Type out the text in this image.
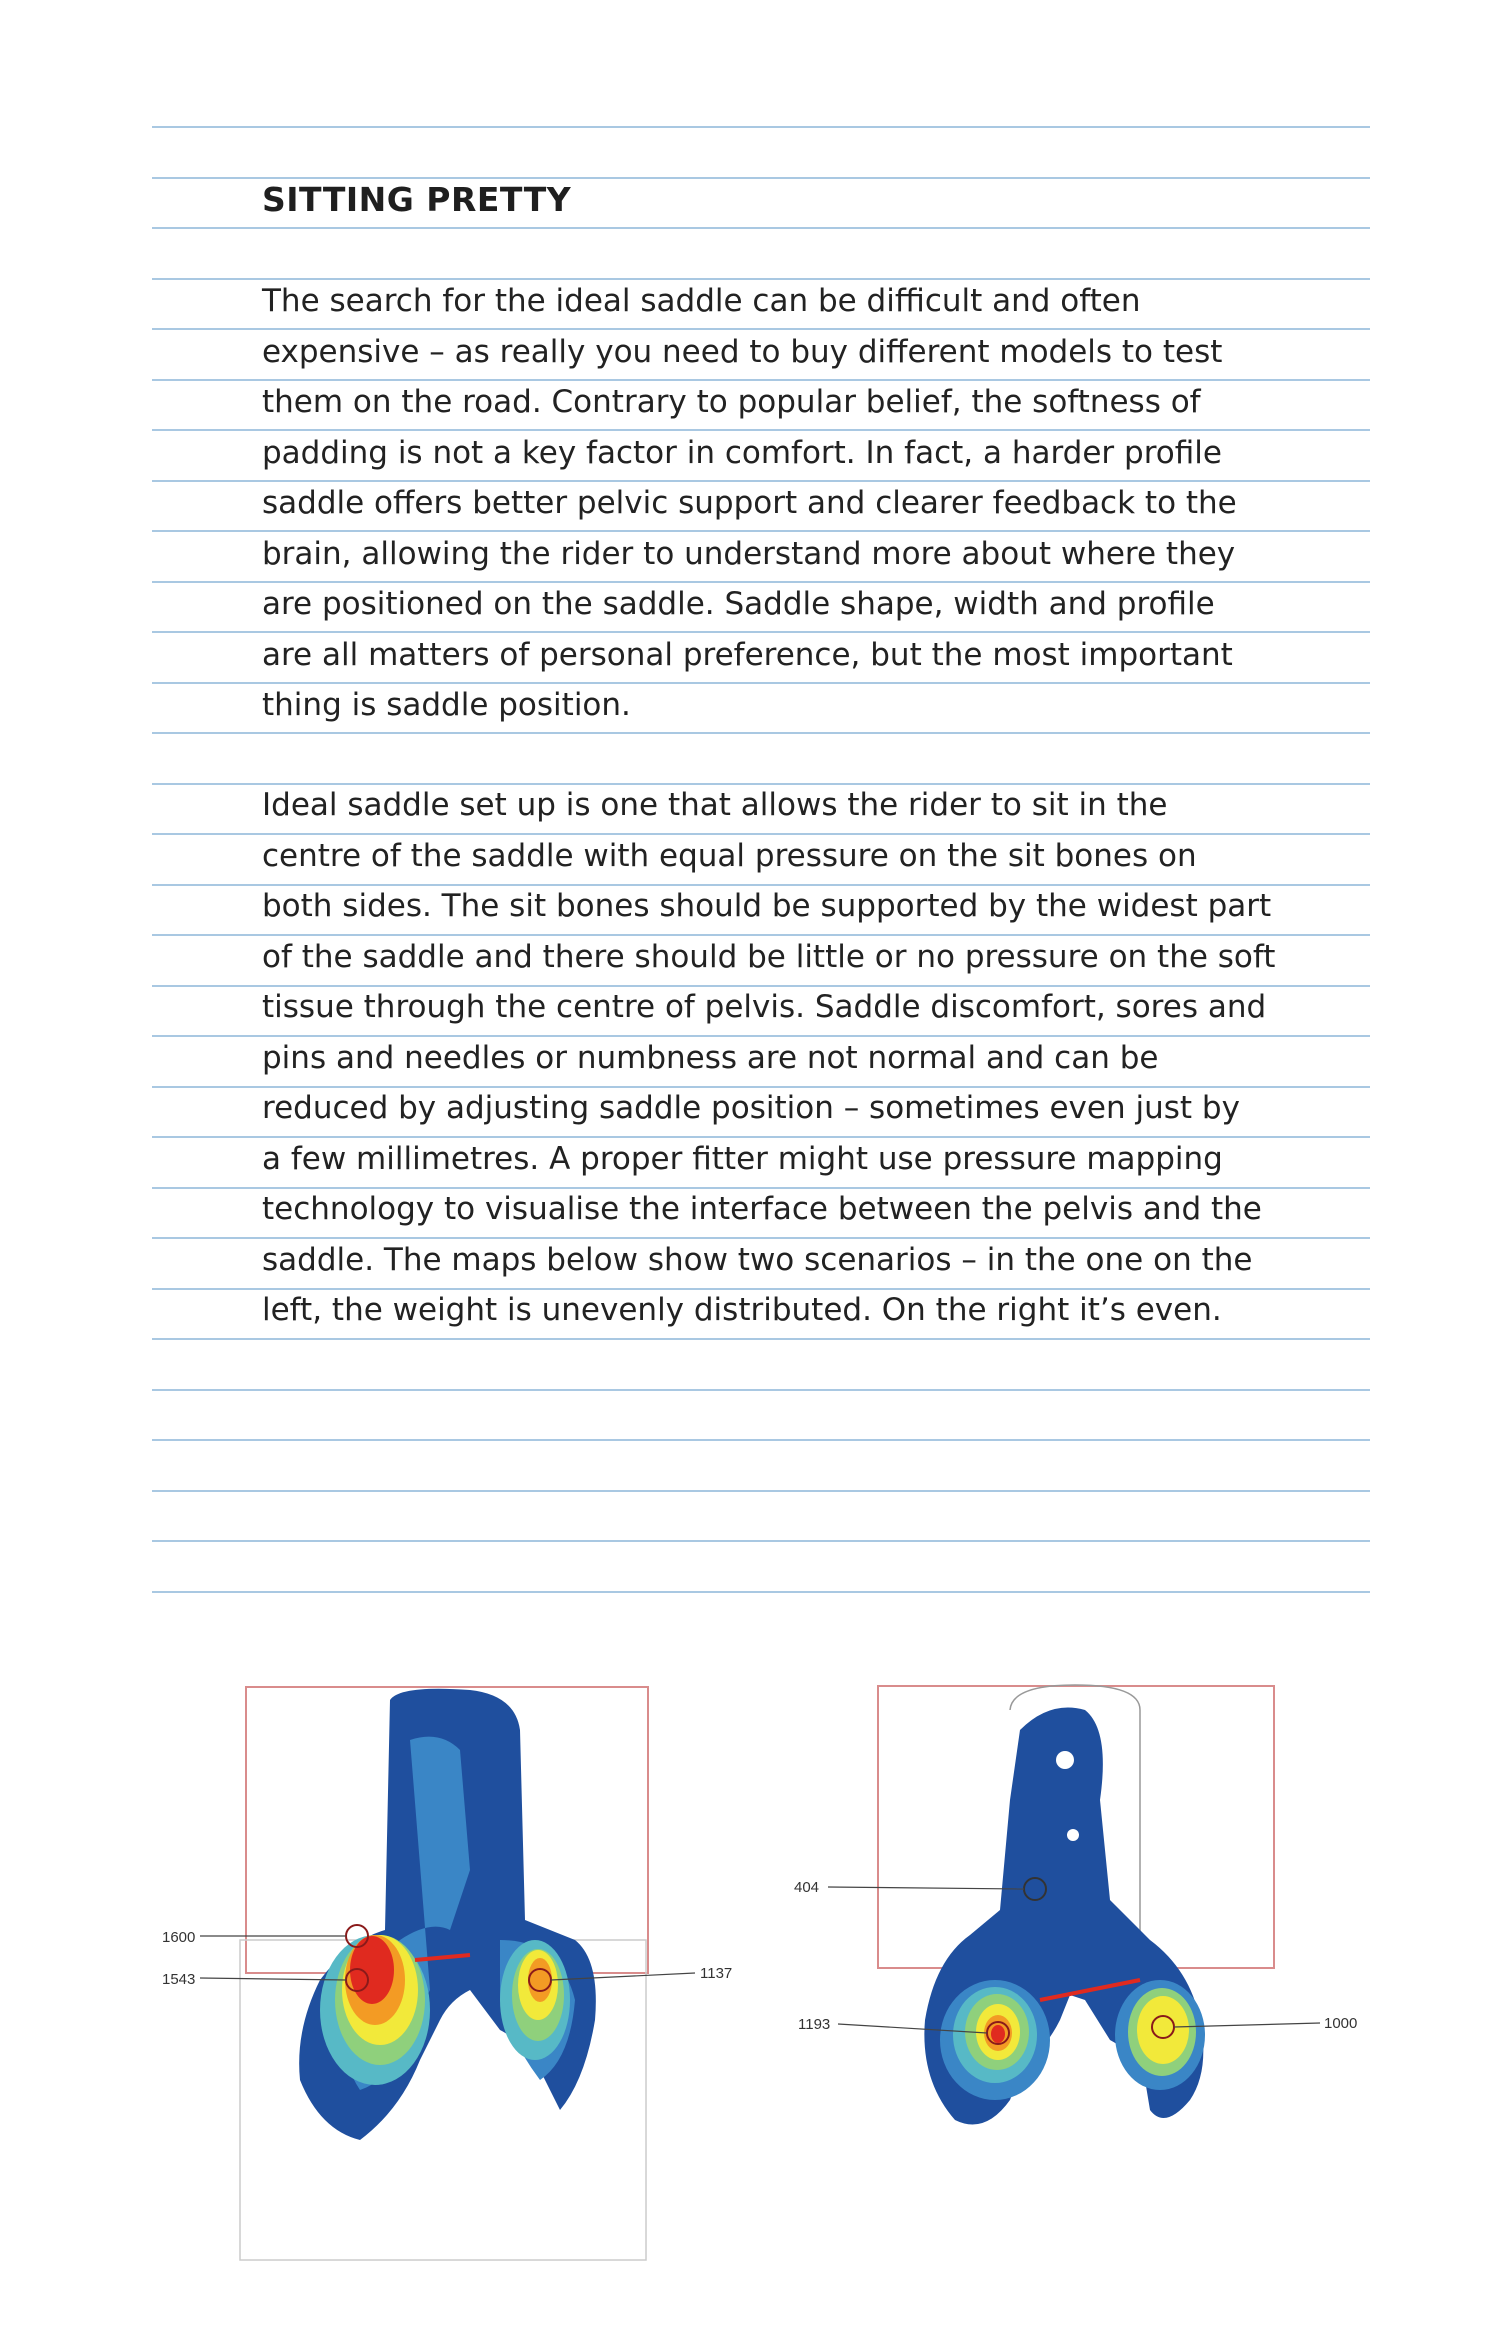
SITTING PRETTY
The search for the ideal saddle can be difficult and often
expensive – as really you need to buy different models to test
them on the road. Contrary to popular belief, the softness of
padding is not a key factor in comfort. In fact, a harder profile
saddle offers better pelvic support and clearer feedback to the
brain, allowing the rider to understand more about where they
are positioned on the saddle. Saddle shape, width and profile
are all matters of personal preference, but the most important
thing is saddle position.
Ideal saddle set up is one that allows the rider to sit in the
centre of the saddle with equal pressure on the sit bones on
both sides. The sit bones should be supported by the widest part
of the saddle and there should be little or no pressure on the soft
tissue through the centre of pelvis. Saddle discomfort, sores and
pins and needles or numbness are not normal and can be
reduced by adjusting saddle position – sometimes even just by
a few millimetres. A proper fitter might use pressure mapping
technology to visualise the interface between the pelvis and the
saddle. The maps below show two scenarios – in the one on the
left, the weight is unevenly distributed. On the right it’s even.
1600
1543	1137
404
1193	1000
